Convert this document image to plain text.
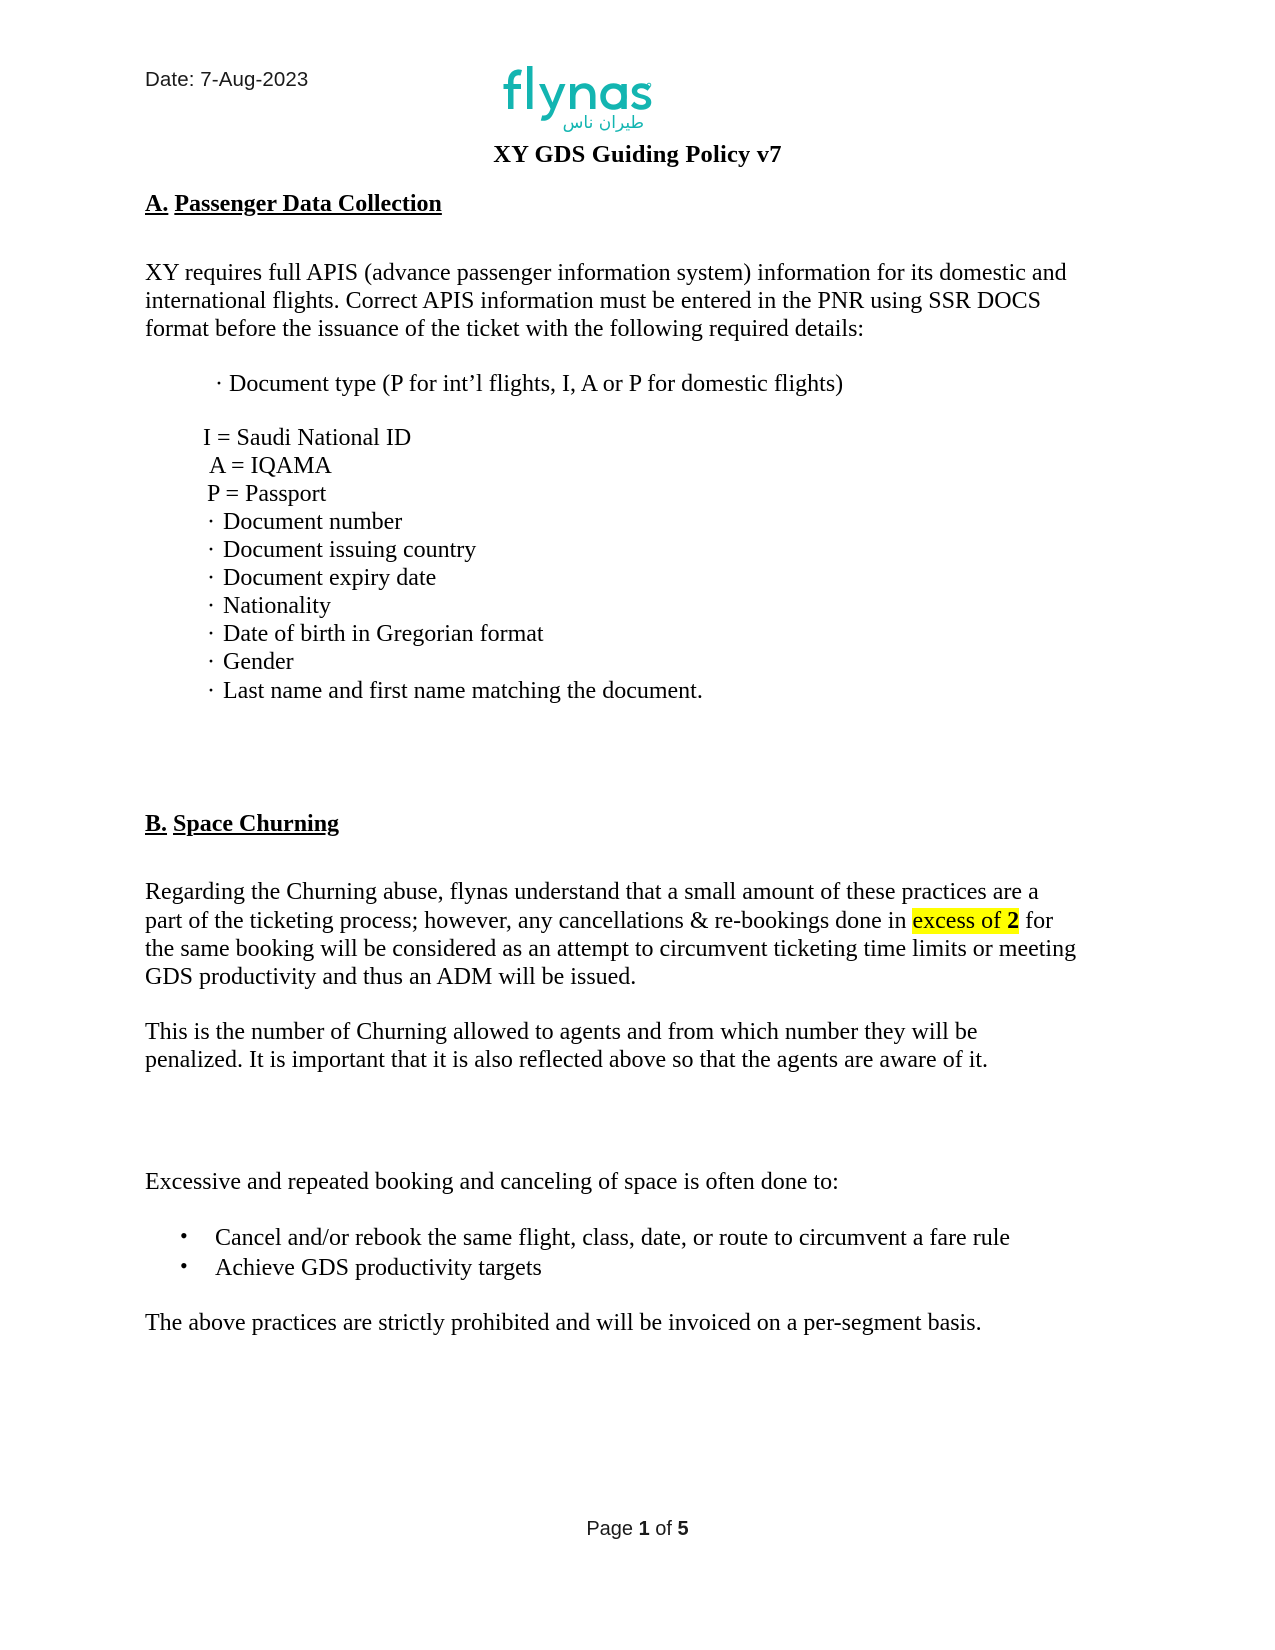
Date: 7-Aug-2023
طيران ناس
XY GDS Guiding Policy v7
A. Passenger Data Collection

XY requires full APIS (advance passenger information system) information for its domestic and international flights. Correct APIS information must be entered in the PNR using SSR DOCS format before the issuance of the ticket with the following required details:

· Document type (P for int’l flights, I, A or P for domestic flights)
I = Saudi National ID
A = IQAMA
P = Passport
· Document number
· Document issuing country
· Document expiry date
· Nationality
· Date of birth in Gregorian format
· Gender
· Last name and first name matching the document.
B. Space Churning

Regarding the Churning abuse, flynas understand that a small amount of these practices are a part of the ticketing process; however, any cancellations & re-bookings done in excess of 2 for the same booking will be considered as an attempt to circumvent ticketing time limits or meeting GDS productivity and thus an ADM will be issued.

This is the number of Churning allowed to agents and from which number they will be penalized. It is important that it is also reflected above so that the agents are aware of it.

Excessive and repeated booking and canceling of space is often done to:

• Cancel and/or rebook the same flight, class, date, or route to circumvent a fare rule
• Achieve GDS productivity targets

The above practices are strictly prohibited and will be invoiced on a per-segment basis.

Page 1 of 5
